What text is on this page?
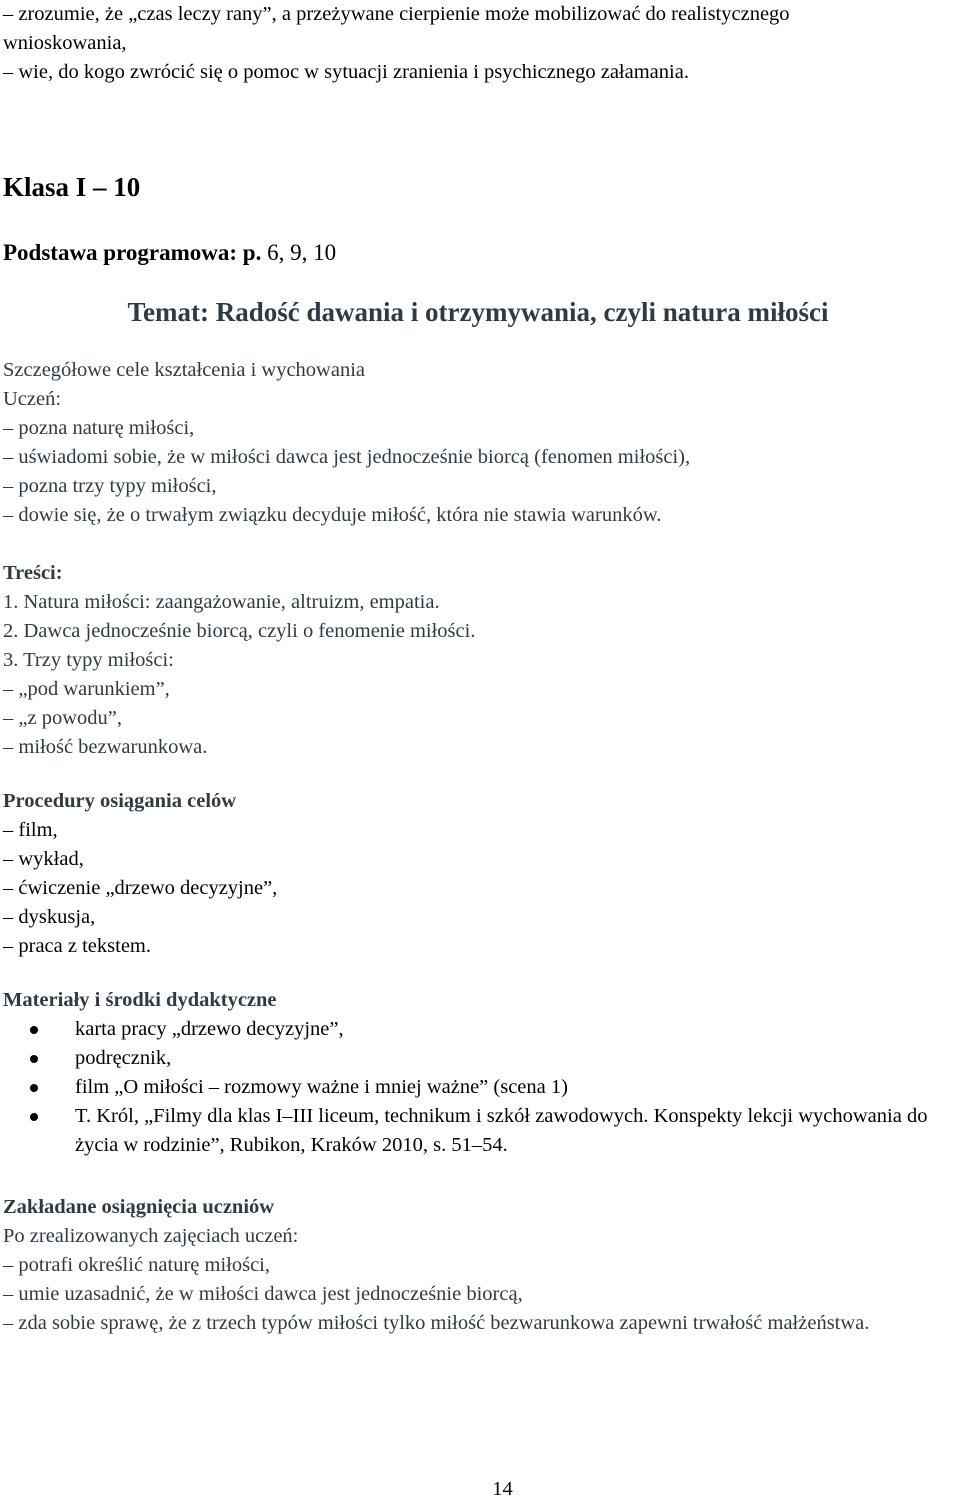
– zrozumie, że „czas leczy rany”, a przeżywane cierpienie może mobilizować do realistycznego
wnioskowania,
– wie, do kogo zwrócić się o pomoc w sytuacji zranienia i psychicznego załamania.
Klasa I – 10
Podstawa programowa: p. 6, 9, 10
Temat: Radość dawania i otrzymywania, czyli natura miłości
Szczegółowe cele kształcenia i wychowania
Uczeń:
– pozna naturę miłości,
– uświadomi sobie, że w miłości dawca jest jednocześnie biorcą (fenomen miłości),
– pozna trzy typy miłości,
– dowie się, że o trwałym związku decyduje miłość, która nie stawia warunków.
Treści:
1. Natura miłości: zaangażowanie, altruizm, empatia.
2. Dawca jednocześnie biorcą, czyli o fenomenie miłości.
3. Trzy typy miłości:
– „pod warunkiem”,
– „z powodu”,
– miłość bezwarunkowa.
Procedury osiągania celów
– film,
– wykład,
– ćwiczenie „drzewo decyzyjne”,
– dyskusja,
– praca z tekstem.
Materiały i środki dydaktyczne
karta pracy „drzewo decyzyjne”,
podręcznik,
film „O miłości – rozmowy ważne i mniej ważne” (scena 1)
T. Król, „Filmy dla klas I–III liceum, technikum i szkół zawodowych. Konspekty lekcji wychowania do życia w rodzinie”, Rubikon, Kraków 2010, s. 51–54.
Zakładane osiągnięcia uczniów
Po zrealizowanych zajęciach uczeń:
– potrafi określić naturę miłości,
– umie uzasadnić, że w miłości dawca jest jednocześnie biorcą,
– zda sobie sprawę, że z trzech typów miłości tylko miłość bezwarunkowa zapewni trwałość małżeństwa.
14
